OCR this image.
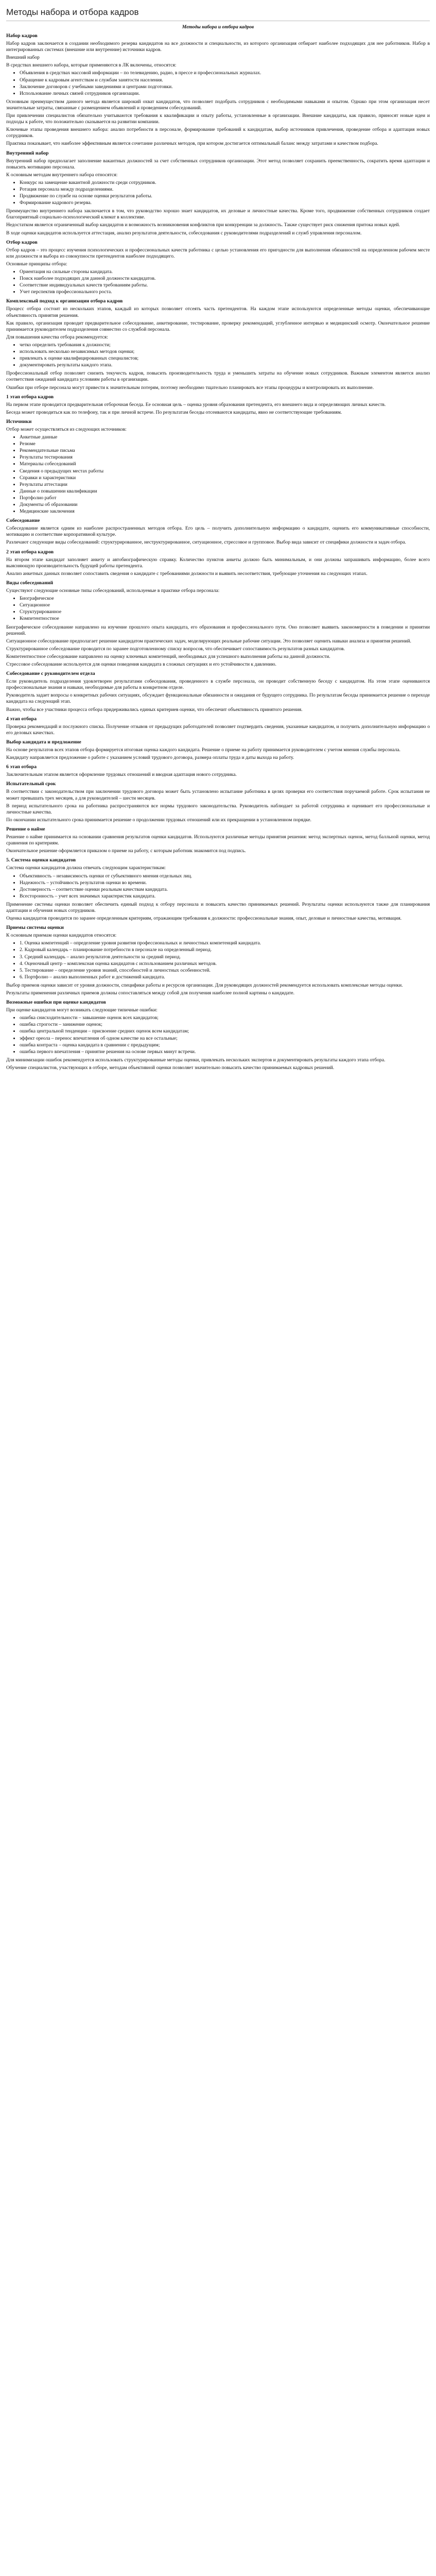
Методы набора и отбора кадров
Методы набора и отбора кадров
Набор кадров

Набор кадров заключается в создании необходимого резерва кандидатов на все должности и специальности, из которого организация отбирает наиболее подходящих для нее работников. Набор в интегрированных системах (внешние или внутренние) источники кадров.

Внешний набор

В средствах внешнего набора, которые применяются в ЛК включены, относятся:

• Объявления в средствах массовой информации – по телевидению, радио, в прессе и профессиональных журналах.
• Обращение к кадровым агентствам и службам занятости населения.
• Заключение договоров с учебными заведениями и центрами подготовки.
• Использование личных связей сотрудников организации.

Основным преимуществом данного метода является широкий охват кандидатов, что позволяет подобрать сотрудников с необходимыми навыками и опытом. Однако при этом организация несет значительные затраты, связанные с размещением объявлений и проведением собеседований.

При привлечении специалистов обязательно учитываются требования к квалификации и опыту работы, установленные в организации. Внешние кандидаты, как правило, приносят новые идеи и подходы к работе, что положительно сказывается на развитии компании.

Ключевые этапы проведения внешнего набора: анализ потребности в персонале, формирование требований к кандидатам, выбор источников привлечения, проведение отбора и адаптация новых сотрудников.

Практика показывает, что наиболее эффективным является сочетание различных методов, при котором достигается оптимальный баланс между затратами и качеством подбора.

Внутренний набор

Внутренний набор предполагает заполнение вакантных должностей за счет собственных сотрудников организации. Этот метод позволяет сохранить преемственность, сократить время адаптации и повысить мотивацию персонала.

К основным методам внутреннего набора относятся:

• Конкурс на замещение вакантной должности среди сотрудников.
• Ротация персонала между подразделениями.
• Продвижение по службе на основе оценки результатов работы.
• Формирование кадрового резерва.

Преимущество внутреннего набора заключается в том, что руководство хорошо знает кандидатов, их деловые и личностные качества. Кроме того, продвижение собственных сотрудников создает благоприятный социально-психологический климат в коллективе.

Недостатком является ограниченный выбор кандидатов и возможность возникновения конфликтов при конкуренции за должность. Также существует риск снижения притока новых идей.

В ходе оценки кандидатов используется аттестация, анализ результатов деятельности, собеседования с руководителями подразделений и служб управления персоналом.

Отбор кадров

Отбор кадров – это процесс изучения психологических и профессиональных качеств работника с целью установления его пригодности для выполнения обязанностей на определенном рабочем месте или должности и выбора из совокупности претендентов наиболее подходящего.

Основные принципы отбора:

• Ориентация на сильные стороны кандидата.
• Поиск наиболее подходящих для данной должности кандидатов.
• Соответствие индивидуальных качеств требованиям работы.
• Учет перспектив профессионального роста.
Комплексный подход к организации отбора кадров

Процесс отбора состоит из нескольких этапов, каждый из которых позволяет отсеять часть претендентов. На каждом этапе используются определенные методы оценки, обеспечивающие объективность принятия решения.

Как правило, организация проводит предварительное собеседование, анкетирование, тестирование, проверку рекомендаций, углубленное интервью и медицинский осмотр. Окончательное решение принимается руководителем подразделения совместно со службой персонала.

Для повышения качества отбора рекомендуется:

• четко определить требования к должности;
• использовать несколько независимых методов оценки;
• привлекать к оценке квалифицированных специалистов;
• документировать результаты каждого этапа.

Профессиональный отбор позволяет снизить текучесть кадров, повысить производительность труда и уменьшить затраты на обучение новых сотрудников. Важным элементом является анализ соответствия ожиданий кандидата условиям работы в организации.

Ошибки при отборе персонала могут привести к значительным потерям, поэтому необходимо тщательно планировать все этапы процедуры и контролировать их выполнение.

1 этап отбора кадров

На первом этапе проводится предварительная отборочная беседа. Ее основная цель – оценка уровня образования претендента, его внешнего вида и определяющих личных качеств.

Беседа может проводиться как по телефону, так и при личной встрече. По результатам беседы отсеиваются кандидаты, явно не соответствующие требованиям.

Источники

Отбор может осуществляться из следующих источников:

• Анкетные данные
• Резюме
• Рекомендательные письма
• Результаты тестирования
• Материалы собеседований
• Сведения о предыдущих местах работы
• Справки и характеристики
• Результаты аттестации
• Данные о повышении квалификации
• Портфолио работ
• Документы об образовании
• Медицинские заключения
Собеседование

Собеседование является одним из наиболее распространенных методов отбора. Его цель – получить дополнительную информацию о кандидате, оценить его коммуникативные способности, мотивацию и соответствие корпоративной культуре.

Различают следующие виды собеседований: структурированное, неструктурированное, ситуационное, стрессовое и групповое. Выбор вида зависит от специфики должности и задач отбора.

2 этап отбора кадров

На втором этапе кандидат заполняет анкету и автобиографическую справку. Количество пунктов анкеты должно быть минимальным, и они должны запрашивать информацию, более всего выясняющую производительность будущей работы претендента.

Анализ анкетных данных позволяет сопоставить сведения о кандидате с требованиями должности и выявить несоответствия, требующие уточнения на следующих этапах.

Виды собеседований

Существуют следующие основные типы собеседований, используемые в практике отбора персонала:

• Биографическое
• Ситуационное
• Структурированное
• Компетентностное

Биографическое собеседование направлено на изучение прошлого опыта кандидата, его образования и профессионального пути. Оно позволяет выявить закономерности в поведении и принятии решений.

Ситуационное собеседование предполагает решение кандидатом практических задач, моделирующих реальные рабочие ситуации. Это позволяет оценить навыки анализа и принятия решений.

Структурированное собеседование проводится по заранее подготовленному списку вопросов, что обеспечивает сопоставимость результатов разных кандидатов.

Компетентностное собеседование направлено на оценку ключевых компетенций, необходимых для успешного выполнения работы на данной должности.

Стрессовое собеседование используется для оценки поведения кандидата в сложных ситуациях и его устойчивости к давлению.

Собеседование с руководителем отдела

Если руководитель подразделения удовлетворен результатами собеседования, проведенного в службе персонала, он проводит собственную беседу с кандидатом. На этом этапе оцениваются профессиональные знания и навыки, необходимые для работы в конкретном отделе.

Руководитель задает вопросы о конкретных рабочих ситуациях, обсуждает функциональные обязанности и ожидания от будущего сотрудника. По результатам беседы принимается решение о переходе кандидата на следующий этап.

Важно, чтобы все участники процесса отбора придерживались единых критериев оценки, что обеспечит объективность принятого решения.

4 этап отбора

Проверка рекомендаций и послужного списка. Получение отзывов от предыдущих работодателей позволяет подтвердить сведения, указанные кандидатом, и получить дополнительную информацию о его деловых качествах.

Выбор кандидата и предложение

На основе результатов всех этапов отбора формируется итоговая оценка каждого кандидата. Решение о приеме на работу принимается руководителем с учетом мнения службы персонала.

Кандидату направляется предложение о работе с указанием условий трудового договора, размера оплаты труда и даты выхода на работу.

6 этап отбора

Заключительным этапом является оформление трудовых отношений и вводная адаптация нового сотрудника.

Испытательный срок

В соответствии с законодательством при заключении трудового договора может быть установлено испытание работника в целях проверки его соответствия поручаемой работе. Срок испытания не может превышать трех месяцев, а для руководителей – шести месяцев.

В период испытательного срока на работника распространяются все нормы трудового законодательства. Руководитель наблюдает за работой сотрудника и оценивает его профессиональные и личностные качества.

По окончании испытательного срока принимается решение о продолжении трудовых отношений или их прекращении в установленном порядке.

Решение о найме

Решение о найме принимается на основании сравнения результатов оценки кандидатов. Используются различные методы принятия решения: метод экспертных оценок, метод балльной оценки, метод сравнения по критериям.

Окончательное решение оформляется приказом о приеме на работу, с которым работник знакомится под подпись.

5. Система оценки кандидатов

Система оценки кандидатов должна отвечать следующим характеристикам:

• Объективность – независимость оценки от субъективного мнения отдельных лиц.
• Надежность – устойчивость результатов оценки во времени.
• Достоверность – соответствие оценки реальным качествам кандидата.
• Всесторонность – учет всех значимых характеристик кандидата.

Применение системы оценки позволяет обеспечить единый подход к отбору персонала и повысить качество принимаемых решений. Результаты оценки используются также для планирования адаптации и обучения новых сотрудников.

Оценка кандидатов проводится по заранее определенным критериям, отражающим требования к должности: профессиональные знания, опыт, деловые и личностные качества, мотивация.

Приемы системы оценки

К основным приемам оценки кандидатов относятся:

• 1. Оценка компетенций – определение уровня развития профессиональных и личностных компетенций кандидата.
• 2. Кадровый календарь – планирование потребности в персонале на определенный период.
• 3. Средний календарь – анализ результатов деятельности за средний период.
• 4. Оценочный центр – комплексная оценка кандидатов с использованием различных методов.
• 5. Тестирование – определение уровня знаний, способностей и личностных особенностей.
• 6. Портфолио – анализ выполненных работ и достижений кандидата.

Выбор приемов оценки зависит от уровня должности, специфики работы и ресурсов организации. Для руководящих должностей рекомендуется использовать комплексные методы оценки.

Результаты применения различных приемов должны сопоставляться между собой для получения наиболее полной картины о кандидате.

Возможные ошибки при оценке кандидатов

При оценке кандидатов могут возникать следующие типичные ошибки:

• ошибка снисходительности – завышение оценок всех кандидатов;
• ошибка строгости – занижение оценок;
• ошибка центральной тенденции – присвоение средних оценок всем кандидатам;
• эффект ореола – перенос впечатления об одном качестве на все остальные;
• ошибка контраста – оценка кандидата в сравнении с предыдущим;
• ошибка первого впечатления – принятие решения на основе первых минут встречи.

Для минимизации ошибок рекомендуется использовать структурированные методы оценки, привлекать нескольких экспертов и документировать результаты каждого этапа отбора.

Обучение специалистов, участвующих в отборе, методам объективной оценки позволяет значительно повысить качество принимаемых кадровых решений.
